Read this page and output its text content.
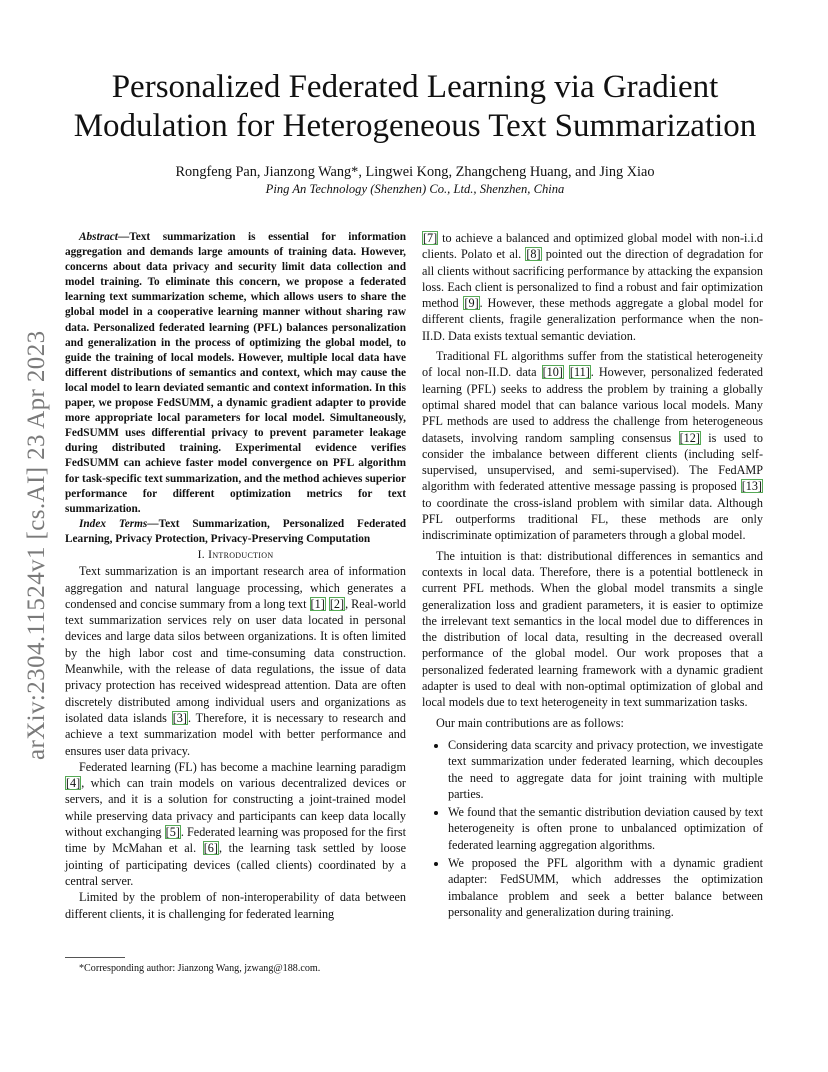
arXiv:2304.11524v1 [cs.AI] 23 Apr 2023
Personalized Federated Learning via Gradient Modulation for Heterogeneous Text Summarization
Rongfeng Pan, Jianzong Wang*, Lingwei Kong, Zhangcheng Huang, and Jing Xiao
Ping An Technology (Shenzhen) Co., Ltd., Shenzhen, China

Abstract—Text summarization is essential for information aggregation and demands large amounts of training data. However, concerns about data privacy and security limit data collection and model training. To eliminate this concern, we propose a federated learning text summarization scheme, which allows users to share the global model in a cooperative learning manner without sharing raw data. Personalized federated learning (PFL) balances personalization and generalization in the process of optimizing the global model, to guide the training of local models. However, multiple local data have different distributions of semantics and context, which may cause the local model to learn deviated semantic and context information. In this paper, we propose FedSUMM, a dynamic gradient adapter to provide more appropriate local parameters for local model. Simultaneously, FedSUMM uses differential privacy to prevent parameter leakage during distributed training. Experimental evidence verifies FedSUMM can achieve faster model convergence on PFL algorithm for task-specific text summarization, and the method achieves superior performance for different optimization metrics for text summarization.

Index Terms—Text Summarization, Personalized Federated Learning, Privacy Protection, Privacy-Preserving Computation

I. Introduction

Text summarization is an important research area of information aggregation and natural language processing, which generates a condensed and concise summary from a long text [1] [2], Real-world text summarization services rely on user data located in personal devices and large data silos between organizations. It is often limited by the high labor cost and time-consuming data construction. Meanwhile, with the release of data regulations, the issue of data privacy protection has received widespread attention. Data are often discretely distributed among individual users and organizations as isolated data islands [3]. Therefore, it is necessary to research and achieve a text summarization model with better performance and ensures user data privacy.

Federated learning (FL) has become a machine learning paradigm [4], which can train models on various decentralized devices or servers, and it is a solution for constructing a joint-trained model while preserving data privacy and participants can keep data locally without exchanging [5]. Federated learning was proposed for the first time by McMahan et al. [6], the learning task settled by loose jointing of participating devices (called clients) coordinated by a central server.

Limited by the problem of non-interoperability of data between different clients, it is challenging for federated learning

[7] to achieve a balanced and optimized global model with non-i.i.d clients. Polato et al. [8] pointed out the direction of degradation for all clients without sacrificing performance by attacking the expansion loss. Each client is personalized to find a robust and fair optimization method [9]. However, these methods aggregate a global model for different clients, fragile generalization performance when the non-II.D. Data exists textual semantic deviation.

Traditional FL algorithms suffer from the statistical heterogeneity of local non-II.D. data [10] [11]. However, personalized federated learning (PFL) seeks to address the problem by training a globally optimal shared model that can balance various local models. Many PFL methods are used to address the challenge from heterogeneous datasets, involving random sampling consensus [12] is used to consider the imbalance between different clients (including self-supervised, unsupervised, and semi-supervised). The FedAMP algorithm with federated attentive message passing is proposed [13] to coordinate the cross-island problem with similar data. Although PFL outperforms traditional FL, these methods are only indiscriminate optimization of parameters through a global model.

The intuition is that: distributional differences in semantics and contexts in local data. Therefore, there is a potential bottleneck in current PFL methods. When the global model transmits a single generalization loss and gradient parameters, it is easier to optimize the irrelevant text semantics in the local model due to differences in the distribution of local data, resulting in the decreased overall performance of the global model. Our work proposes that a personalized federated learning framework with a dynamic gradient adapter is used to deal with non-optimal optimization of global and local models due to text heterogeneity in text summarization tasks.

Our main contributions are as follows:

• Considering data scarcity and privacy protection, we investigate text summarization under federated learning, which decouples the need to aggregate data for joint training with multiple parties.
• We found that the semantic distribution deviation caused by text heterogeneity is often prone to unbalanced optimization of federated learning aggregation algorithms.
• We proposed the PFL algorithm with a dynamic gradient adapter: FedSUMM, which addresses the optimization imbalance problem and seek a better balance between personality and generalization during training.
*Corresponding author: Jianzong Wang, jzwang@188.com.
